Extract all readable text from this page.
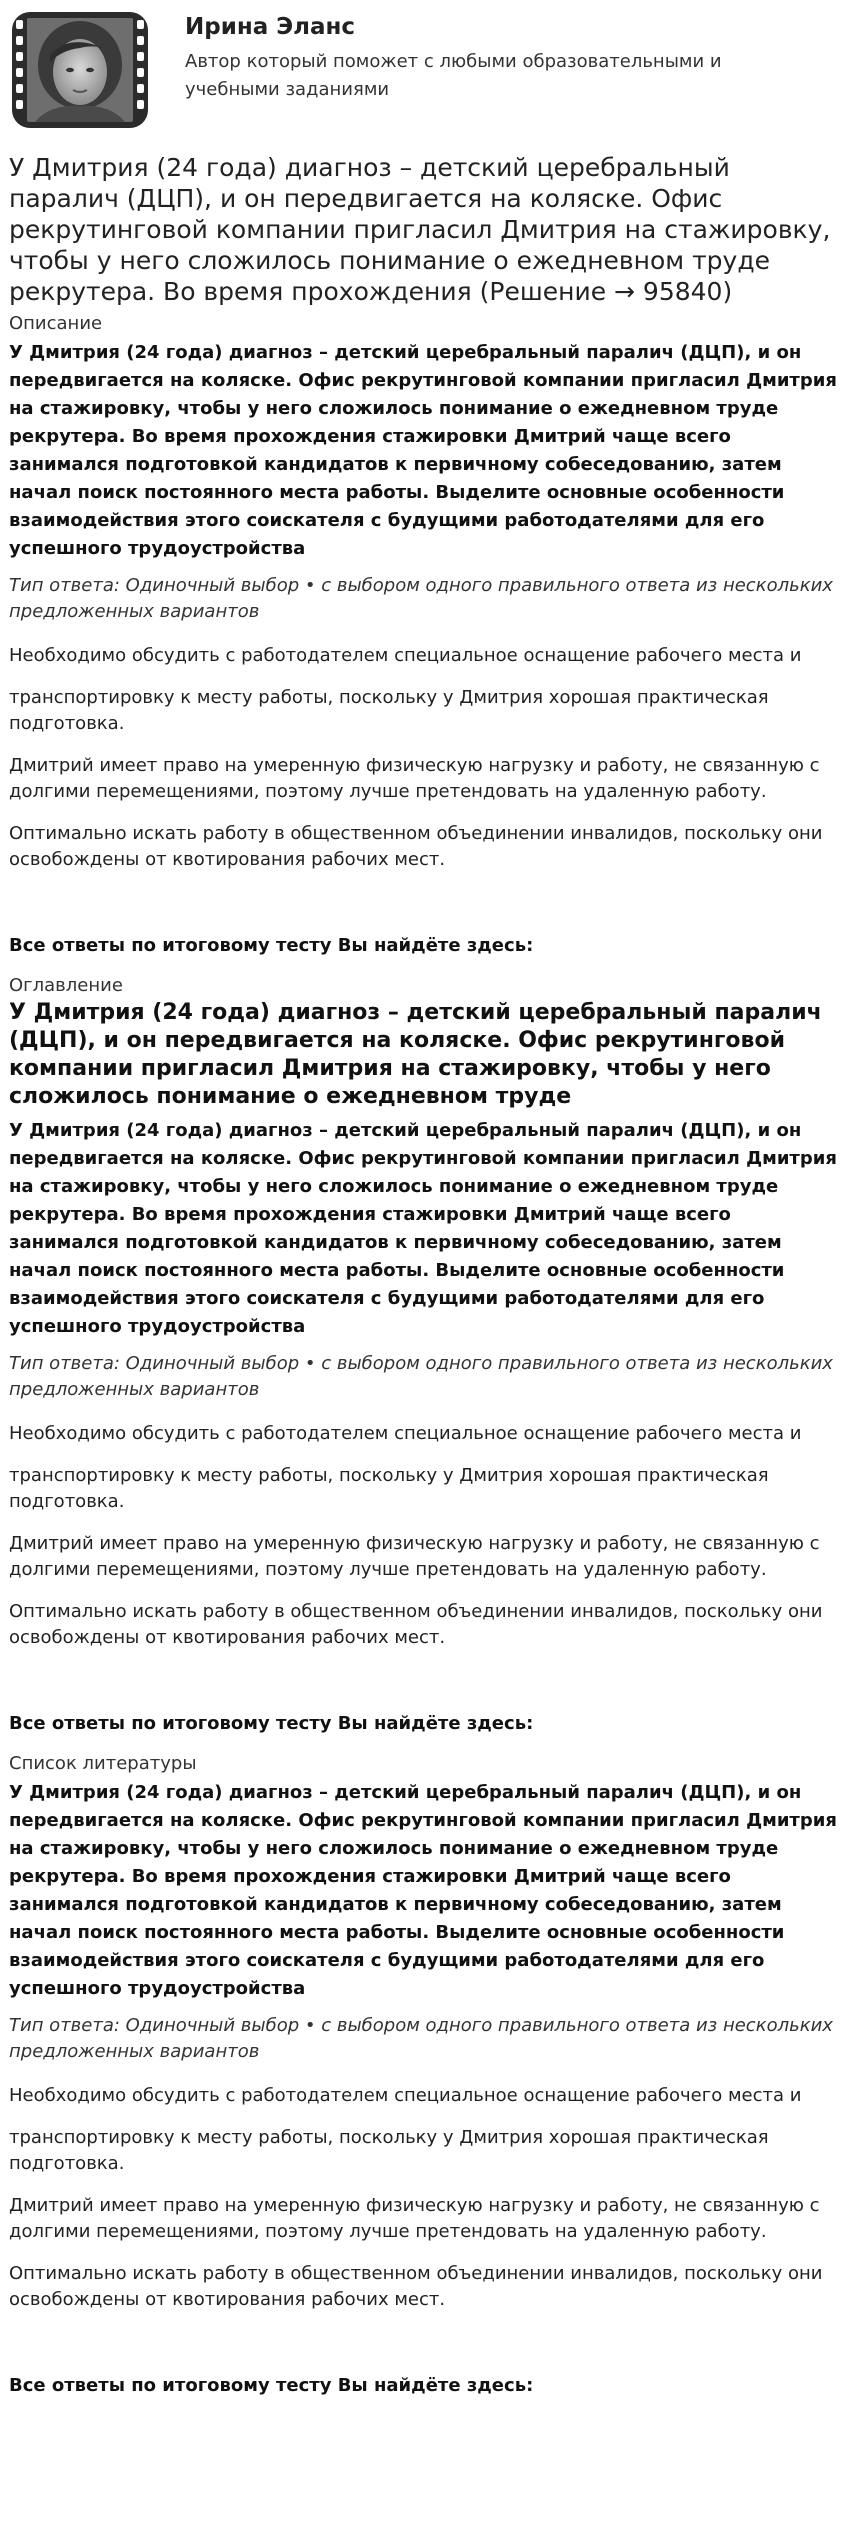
Ирина Эланс
Автор который поможет с любыми образовательными и учебными заданиями
У Дмитрия (24 года) диагноз – детский церебральный паралич (ДЦП), и он передвигается на коляске. Офис рекрутинговой компании пригласил Дмитрия на стажировку, чтобы у него сложилось понимание о ежедневном труде рекрутера. Во время прохождения (Решение → 95840)
Описание
У Дмитрия (24 года) диагноз – детский церебральный паралич (ДЦП), и он передвигается на коляске. Офис рекрутинговой компании пригласил Дмитрия на стажировку, чтобы у него сложилось понимание о ежедневном труде рекрутера. Во время прохождения стажировки Дмитрий чаще всего занимался подготовкой кандидатов к первичному собеседованию, затем начал поиск постоянного места работы. Выделите основные особенности взаимодействия этого соискателя с будущими работодателями для его успешного трудоустройства
Тип ответа: Одиночный выбор • с выбором одного правильного ответа из нескольких предложенных вариантов
Необходимо обсудить с работодателем специальное оснащение рабочего места и
транспортировку к месту работы, поскольку у Дмитрия хорошая практическая подготовка.
Дмитрий имеет право на умеренную физическую нагрузку и работу, не связанную с долгими перемещениями, поэтому лучше претендовать на удаленную работу.
Оптимально искать работу в общественном объединении инвалидов, поскольку они освобождены от квотирования рабочих мест.
Все ответы по итоговому тесту Вы найдёте здесь:
Оглавление
У Дмитрия (24 года) диагноз – детский церебральный паралич (ДЦП), и он передвигается на коляске. Офис рекрутинговой компании пригласил Дмитрия на стажировку, чтобы у него сложилось понимание о ежедневном труде
У Дмитрия (24 года) диагноз – детский церебральный паралич (ДЦП), и он передвигается на коляске. Офис рекрутинговой компании пригласил Дмитрия на стажировку, чтобы у него сложилось понимание о ежедневном труде рекрутера. Во время прохождения стажировки Дмитрий чаще всего занимался подготовкой кандидатов к первичному собеседованию, затем начал поиск постоянного места работы. Выделите основные особенности взаимодействия этого соискателя с будущими работодателями для его успешного трудоустройства
Тип ответа: Одиночный выбор • с выбором одного правильного ответа из нескольких предложенных вариантов
Необходимо обсудить с работодателем специальное оснащение рабочего места и
транспортировку к месту работы, поскольку у Дмитрия хорошая практическая подготовка.
Дмитрий имеет право на умеренную физическую нагрузку и работу, не связанную с долгими перемещениями, поэтому лучше претендовать на удаленную работу.
Оптимально искать работу в общественном объединении инвалидов, поскольку они освобождены от квотирования рабочих мест.
Все ответы по итоговому тесту Вы найдёте здесь:
Список литературы
У Дмитрия (24 года) диагноз – детский церебральный паралич (ДЦП), и он передвигается на коляске. Офис рекрутинговой компании пригласил Дмитрия на стажировку, чтобы у него сложилось понимание о ежедневном труде рекрутера. Во время прохождения стажировки Дмитрий чаще всего занимался подготовкой кандидатов к первичному собеседованию, затем начал поиск постоянного места работы. Выделите основные особенности взаимодействия этого соискателя с будущими работодателями для его успешного трудоустройства
Тип ответа: Одиночный выбор • с выбором одного правильного ответа из нескольких предложенных вариантов
Необходимо обсудить с работодателем специальное оснащение рабочего места и
транспортировку к месту работы, поскольку у Дмитрия хорошая практическая подготовка.
Дмитрий имеет право на умеренную физическую нагрузку и работу, не связанную с долгими перемещениями, поэтому лучше претендовать на удаленную работу.
Оптимально искать работу в общественном объединении инвалидов, поскольку они освобождены от квотирования рабочих мест.
Все ответы по итоговому тесту Вы найдёте здесь:
